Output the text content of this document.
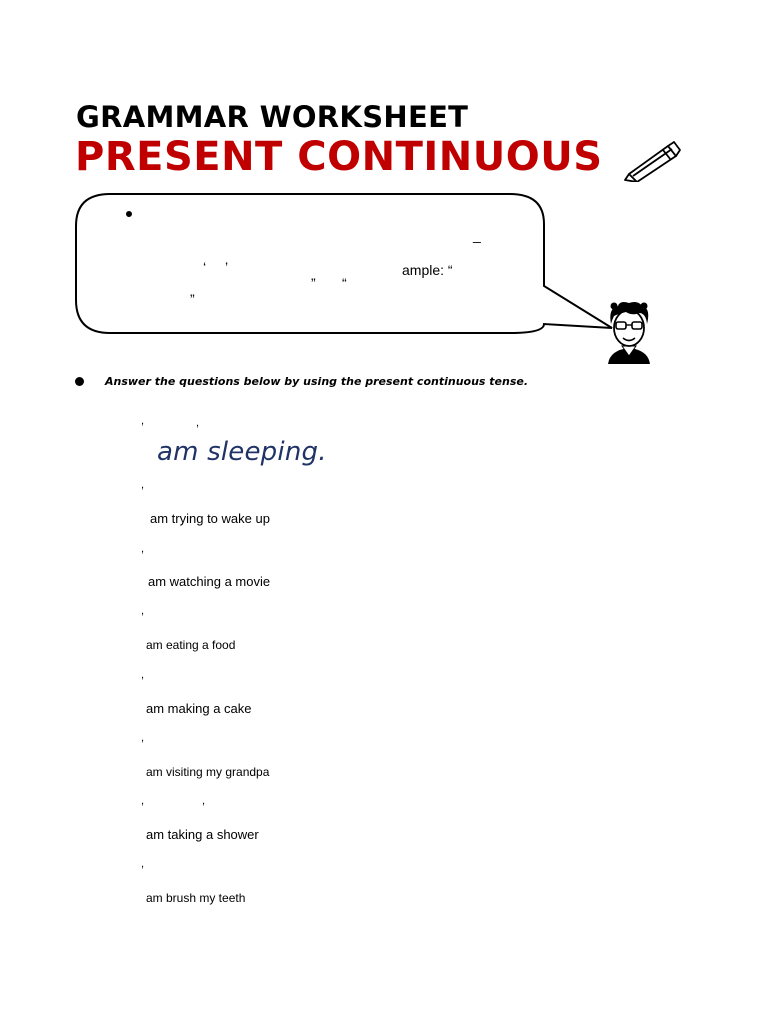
GRAMMAR WORKSHEET
PRESENT CONTINUOUS
_
‘ ’	ample: “
” “
”
Answer the questions below by using the present continuous tense.
,	,
am sleeping.
,
am trying to wake up
,
am watching a movie
,
am eating a food
,
am making a cake
,
am visiting my grandpa
,	,
am taking a shower
,
am brush my teeth
